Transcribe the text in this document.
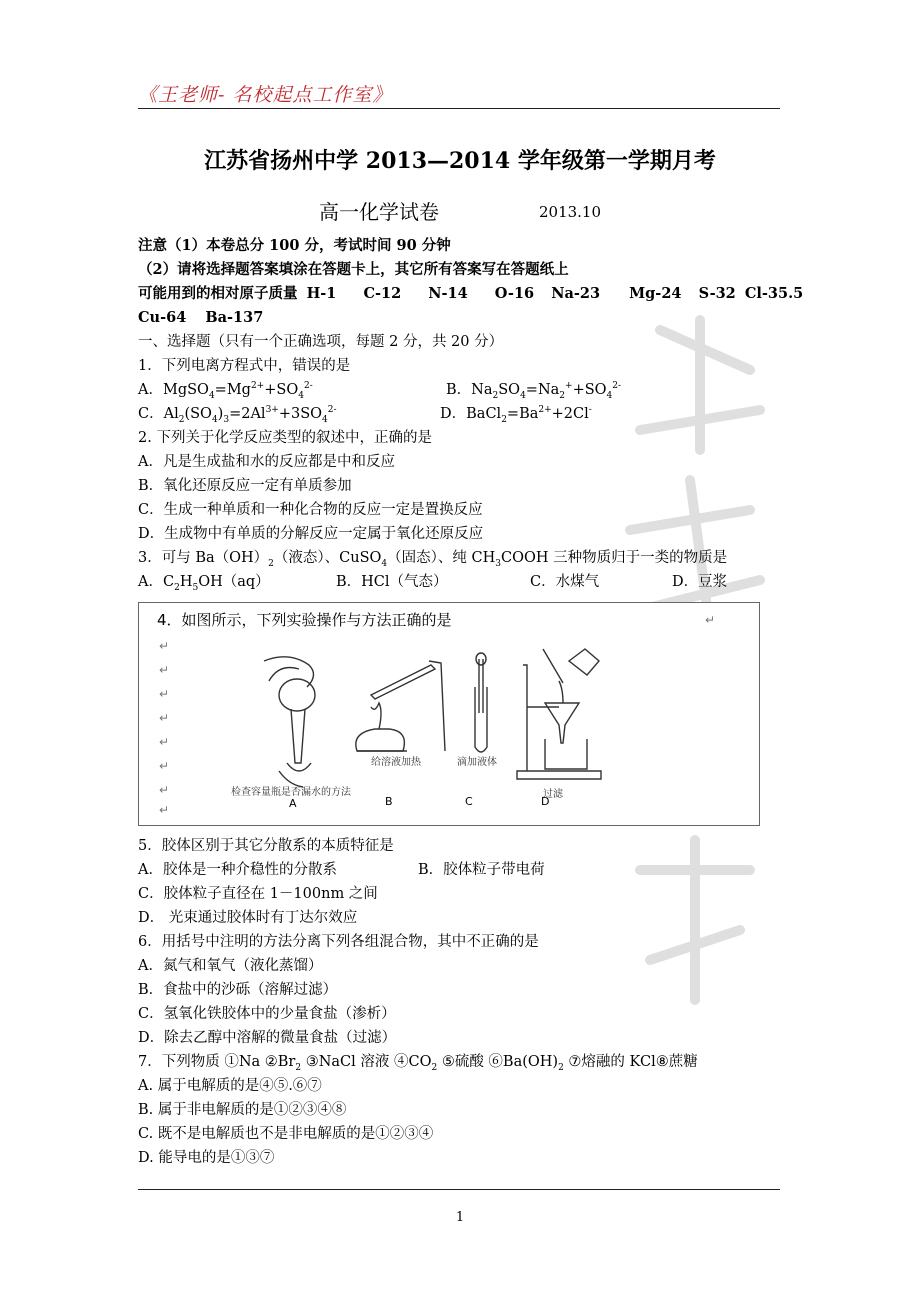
《王老师- 名校起点工作室》
江苏省扬州中学 2013—2014 学年级第一学期月考
高一化学试卷	2013.10
注意（1）本卷总分 100 分，考试时间 90 分钟
（2）请将选择题答案填涂在答题卡上，其它所有答案写在答题纸上
可能用到的相对原子质量 H-1 C-12 N-14 O-16 Na-23 Mg-24 S-32 Cl-35.5
Cu-64 Ba-137
一、选择题（只有一个正确选项，每题 2 分，共 20 分）
1．下列电离方程式中，错误的是
A．$MgSO_4=Mg^{2+}+SO_4^{2-}$	B．$Na_2SO_4=Na_2^++SO_4^{2-}$
C．$Al_2(SO_4)_3=2Al^{3+}+3SO_4^{2-}$	D．$BaCl_2=Ba^{2+}+2Cl^-$
2. 下列关于化学反应类型的叙述中，正确的是
A．凡是生成盐和水的反应都是中和反应
B．氧化还原反应一定有单质参加
C．生成一种单质和一种化合物的反应一定是置换反应
D．生成物中有单质的分解反应一定属于氧化还原反应
3．可与 $Ba(OH)_2$（液态）、CuSO$_4$（固态）、纯 $CH_3COOH$ 三种物质归于一类的物质是
A．$C_2H_5OH(aq)$	B．HCl（气态）	C．水煤气	D．豆浆
4．如图所示，下列实验操作与方法正确的是
↵
↵
↵
↵
↵
↵
↵
↵
↵
检查容量瓶是否漏水的方法
给溶液加热	滴加液体
过滤
A	B	C	D
5．胶体区别于其它分散系的本质特征是
A．胶体是一种介稳性的分散系	B．胶体粒子带电荷
C．胶体粒子直径在 1－100nm 之间
D． 光束通过胶体时有丁达尔效应
6．用括号中注明的方法分离下列各组混合物，其中不正确的是
A．氮气和氧气（液化蒸馏）
B．食盐中的沙砾（溶解过滤）
C．氢氧化铁胶体中的少量食盐（渗析）
D．除去乙醇中溶解的微量食盐（过滤）
7．下列物质 ①Na $②Br_2$ ③NaCl 溶液 $④CO_2$ ⑤硫酸 $⑥Ba(OH)_2$ ⑦熔融的 KCl⑧蔗糖
A. 属于电解质的是④⑤.⑥⑦
B. 属于非电解质的是①②③④⑧
C. 既不是电解质也不是非电解质的是①②③④
D. 能导电的是①③⑦
1
